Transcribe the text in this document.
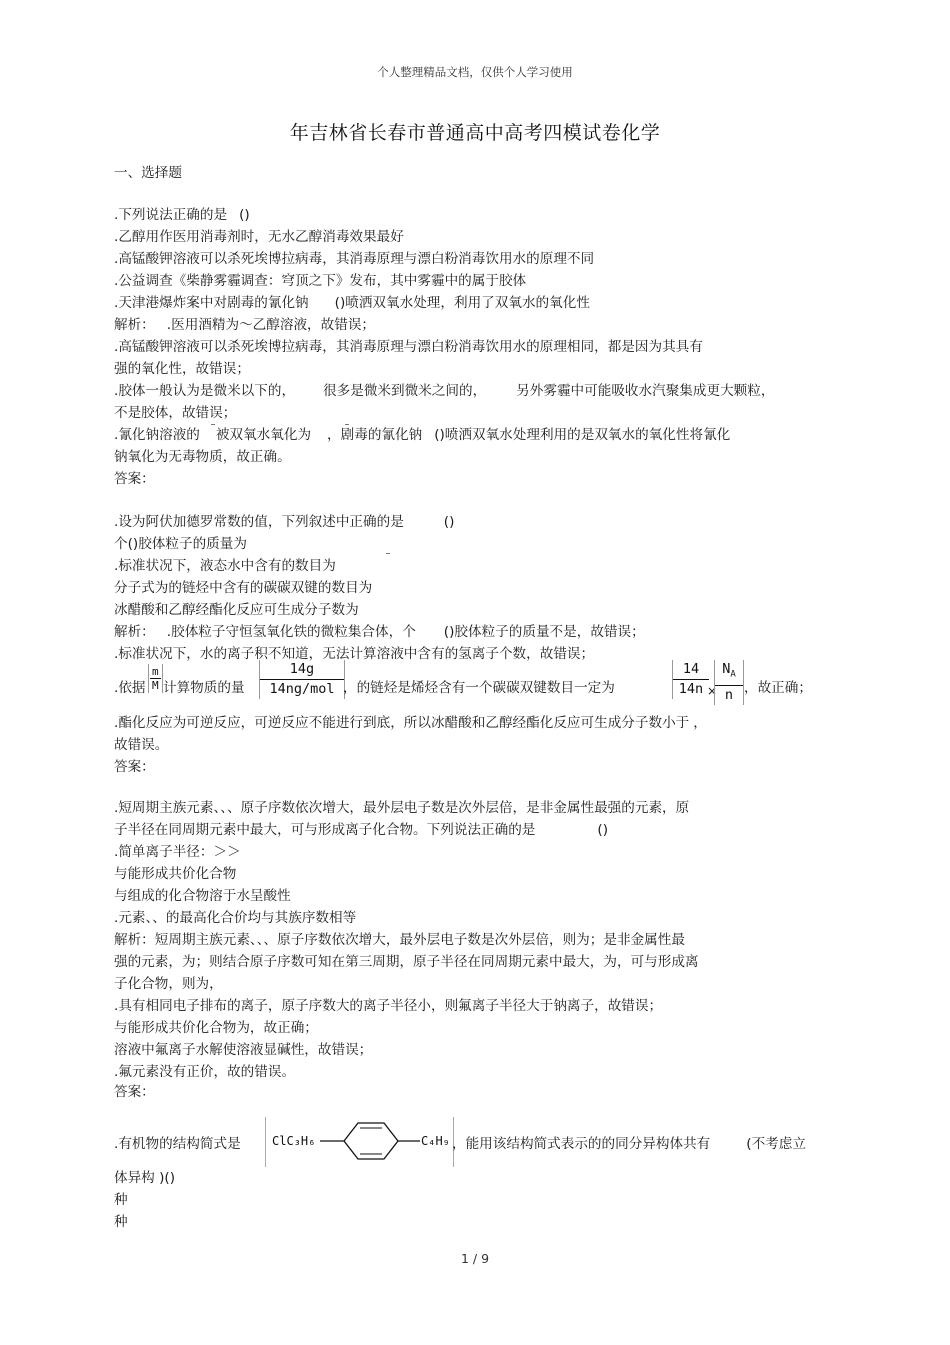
个人整理精品文档，仅供个人学习使用
年吉林省长春市普通高中高考四模试卷化学
一、选择题
.下列说法正确的是 ()
.乙醇用作医用消毒剂时，无水乙醇消毒效果最好
.高锰酸钾溶液可以杀死埃博拉病毒，其消毒原理与漂白粉消毒饮用水的原理不同
.公益调查《柴静雾霾调查：穹顶之下》发布，其中雾霾中的属于胶体
.天津港爆炸案中对剧毒的氰化钠 ()喷洒双氧水处理，利用了双氧水的氧化性
解析： .医用酒精为～乙醇溶液，故错误；
.高锰酸钾溶液可以杀死埃博拉病毒，其消毒原理与漂白粉消毒饮用水的原理相同，都是因为其具有
强的氧化性，故错误；
.胶体一般认为是微米以下的， 很多是微米到微米之间的， 另外雾霾中可能吸收水汽聚集成更大颗粒，
不是胶体，故错误；
.氰化钠溶液的 被双氧水氧化为 ，剧毒的氰化钠 ()喷洒双氧水处理利用的是双氧水的氧化性将氰化
钠氧化为无毒物质，故正确。
答案：
.设为阿伏加德罗常数的值，下列叙述中正确的是	()
个()胶体粒子的质量为
.标准状况下，液态水中含有的数目为
分子式为的链烃中含有的碳碳双键的数目为
冰醋酸和乙醇经酯化反应可生成分子数为
解析： .胶体粒子守恒氢氧化铁的微粒集合体，个 ()胶体粒子的质量不是，故错误；
.标准状况下，水的离子积不知道，无法计算溶液中含有的氢离子个数，故错误；
.依据
m
M 计算物质的量
14g
14ng/mol ，的链烃是烯烃含有一个碳碳双键数目一定为
14
14n ×
$N_A$
n ，故正确；
.酯化反应为可逆反应，可逆反应不能进行到底，所以冰醋酸和乙醇经酯化反应可生成分子数小于 ，
故错误。
答案：
.短周期主族元素、、、原子序数依次增大，最外层电子数是次外层倍，是非金属性最强的元素，原
子半径在同周期元素中最大，可与形成离子化合物。下列说法正确的是	()
.简单离子半径：＞＞
与能形成共价化合物
与组成的化合物溶于水呈酸性
.元素、、的最高化合价均与其族序数相等
解析：短周期主族元素、、、原子序数依次增大，最外层电子数是次外层倍，则为；是非金属性最
强的元素，为；则结合原子序数可知在第三周期，原子半径在同周期元素中最大，为，可与形成离
子化合物，则为，
.具有相同电子排布的离子，原子序数大的离子半径小，则氟离子半径大于钠离子，故错误；
与能形成共价化合物为，故正确；
溶液中氟离子水解使溶液显碱性，故错误；
.氟元素没有正价，故的错误。
答案：
.有机物的结构简式是	ClC₃H₆	C₄H₉ ，能用该结构简式表示的的同分异构体共有	(不考虑立
体异构 )()
种
种
1 / 9
